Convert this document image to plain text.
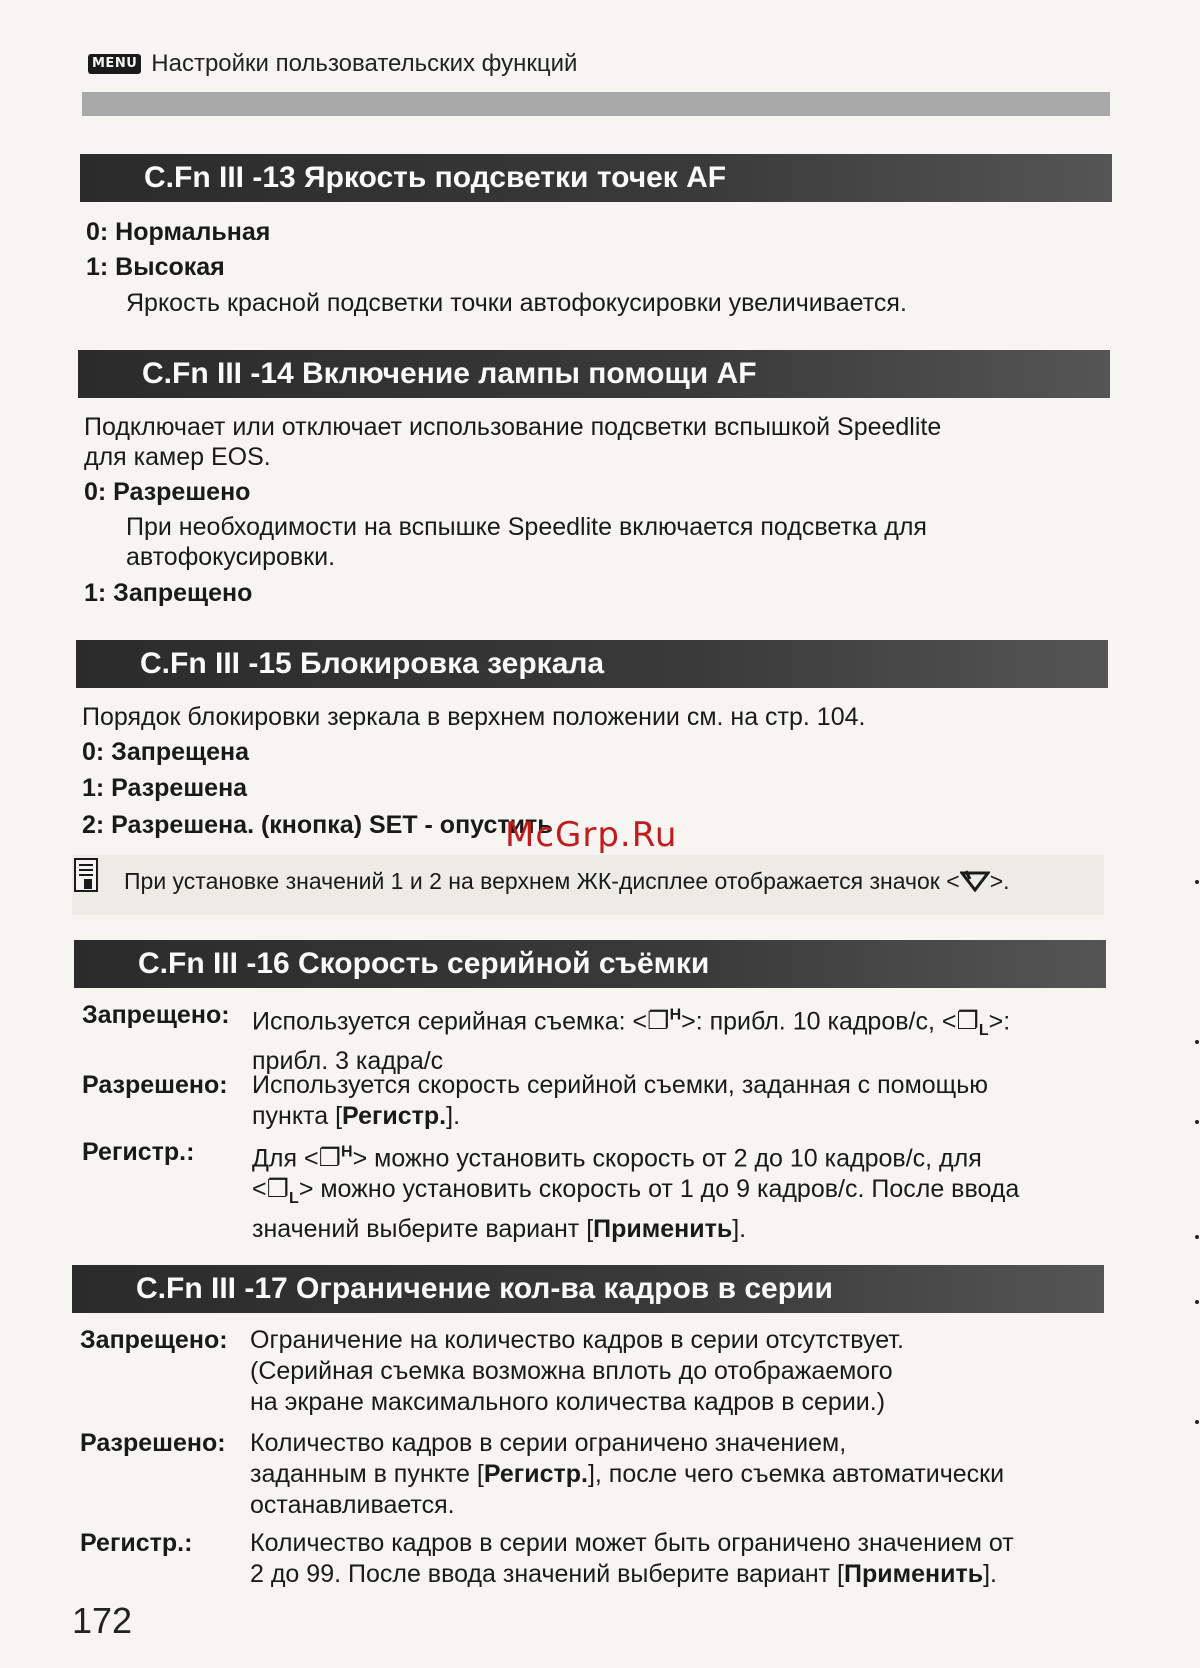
MENU Настройки пользовательских функций
C.Fn III -13 Яркость подсветки точек AF
0: Нормальная
1: Высокая
Яркость красной подсветки точки автофокусировки увеличивается.
C.Fn III -14 Включение лампы помощи AF
Подключает или отключает использование подсветки вспышкой Speedlite
для камер EOS.
0: Разрешено
При необходимости на вспышке Speedlite включается подсветка для
автофокусировки.
1: Запрещено
C.Fn III -15 Блокировка зеркала
Порядок блокировки зеркала в верхнем положении см. на стр. 104.
0: Запрещена
1: Разрешена
2: Разрешена. (кнопка) SET - опустить
При установке значений 1 и 2 на верхнем ЖК-дисплее отображается значок < >.
McGrp.Ru
C.Fn III -16 Скорость серийной съёмки
Запрещено: Используется серийная съемка: <❐$^H$>: прибл. 10 кадров/с, $<❐_L>$:
прибл. 3 кадра/с
Разрешено: Используется скорость серийной съемки, заданная с помощью
пункта [Регистр.].
Регистр.: Для <❐$^H$> можно установить скорость от 2 до 10 кадров/с, для
$<❐_L>$ можно установить скорость от 1 до 9 кадров/с. После ввода
значений выберите вариант [Применить].
C.Fn III -17 Ограничение кол-ва кадров в серии
Запрещено: Ограничение на количество кадров в серии отсутствует.
(Серийная съемка возможна вплоть до отображаемого
на экране максимального количества кадров в серии.)
Разрешено: Количество кадров в серии ограничено значением,
заданным в пункте [Регистр.], после чего съемка автоматически
останавливается.
Регистр.: Количество кадров в серии может быть ограничено значением от
2 до 99. После ввода значений выберите вариант [Применить].
172
